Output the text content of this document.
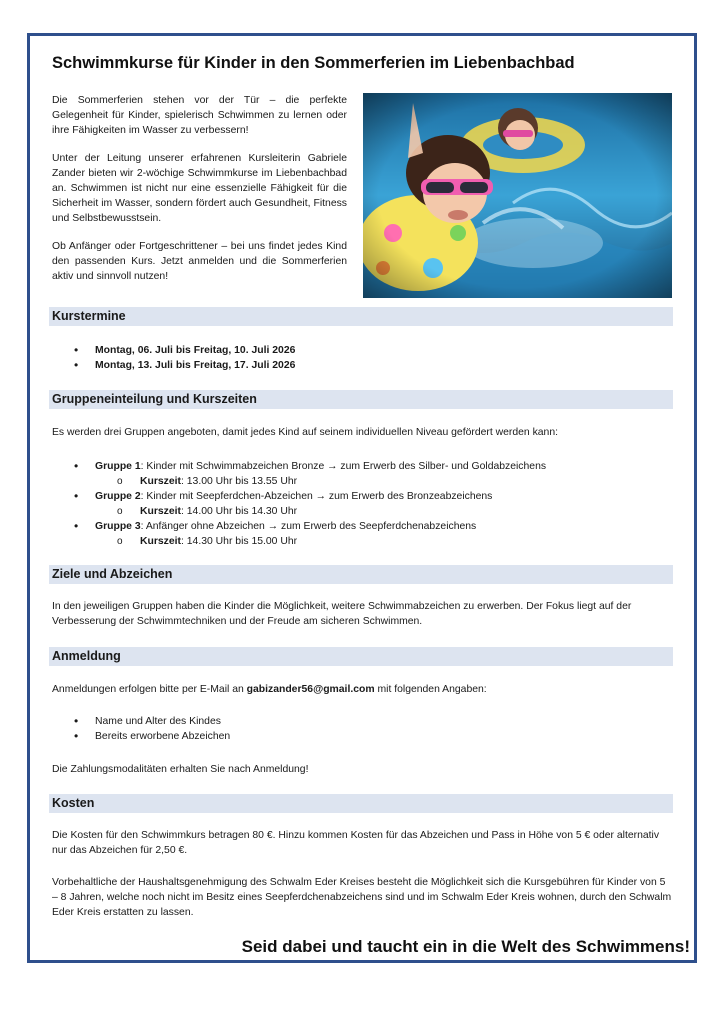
Schwimmkurse für Kinder in den Sommerferien im Liebenbachbad

Die Sommerferien stehen vor der Tür – die perfekte Gelegenheit für Kinder, spielerisch Schwimmen zu lernen oder ihre Fähigkeiten im Wasser zu verbessern!

Unter der Leitung unserer erfahrenen Kursleiterin Gabriele Zander bieten wir 2-wöchige Schwimmkurse im Liebenbachbad an. Schwimmen ist nicht nur eine essenzielle Fähigkeit für die Sicherheit im Wasser, sondern fördert auch Gesundheit, Fitness und Selbstbewusstsein.

Ob Anfänger oder Fortgeschrittener – bei uns findet jedes Kind den passenden Kurs. Jetzt anmelden und die Sommerferien aktiv und sinnvoll nutzen!

Kurstermine
• Montag, 06. Juli bis Freitag, 10. Juli 2026
• Montag, 13. Juli bis Freitag, 17. Juli 2026
Gruppeneinteilung und Kurszeiten

Es werden drei Gruppen angeboten, damit jedes Kind auf seinem individuellen Niveau gefördert werden kann:

• Gruppe 1: Kinder mit Schwimmabzeichen Bronze → zum Erwerb des Silber- und Goldabzeichens
o Kurszeit: 13.00 Uhr bis 13.55 Uhr
• Gruppe 2: Kinder mit Seepferdchen-Abzeichen → zum Erwerb des Bronzeabzeichens
o Kurszeit: 14.00 Uhr bis 14.30 Uhr
• Gruppe 3: Anfänger ohne Abzeichen → zum Erwerb des Seepferdchenabzeichens
o Kurszeit: 14.30 Uhr bis 15.00 Uhr
Ziele und Abzeichen

In den jeweiligen Gruppen haben die Kinder die Möglichkeit, weitere Schwimmabzeichen zu erwerben. Der Fokus liegt auf der Verbesserung der Schwimmtechniken und der Freude am sicheren Schwimmen.

Anmeldung

Anmeldungen erfolgen bitte per E-Mail an gabizander56@gmail.com mit folgenden Angaben:

• Name und Alter des Kindes
• Bereits erworbene Abzeichen

Die Zahlungsmodalitäten erhalten Sie nach Anmeldung!

Kosten

Die Kosten für den Schwimmkurs betragen 80 €. Hinzu kommen Kosten für das Abzeichen und Pass in Höhe von 5 € oder alternativ nur das Abzeichen für 2,50 €.

Vorbehaltliche der Haushaltsgenehmigung des Schwalm Eder Kreises besteht die Möglichkeit sich die Kursgebühren für Kinder von 5 – 8 Jahren, welche noch nicht im Besitz eines Seepferdchenabzeichens sind und im Schwalm Eder Kreis wohnen, durch den Schwalm Eder Kreis erstatten zu lassen.

Seid dabei und taucht ein in die Welt des Schwimmens!
